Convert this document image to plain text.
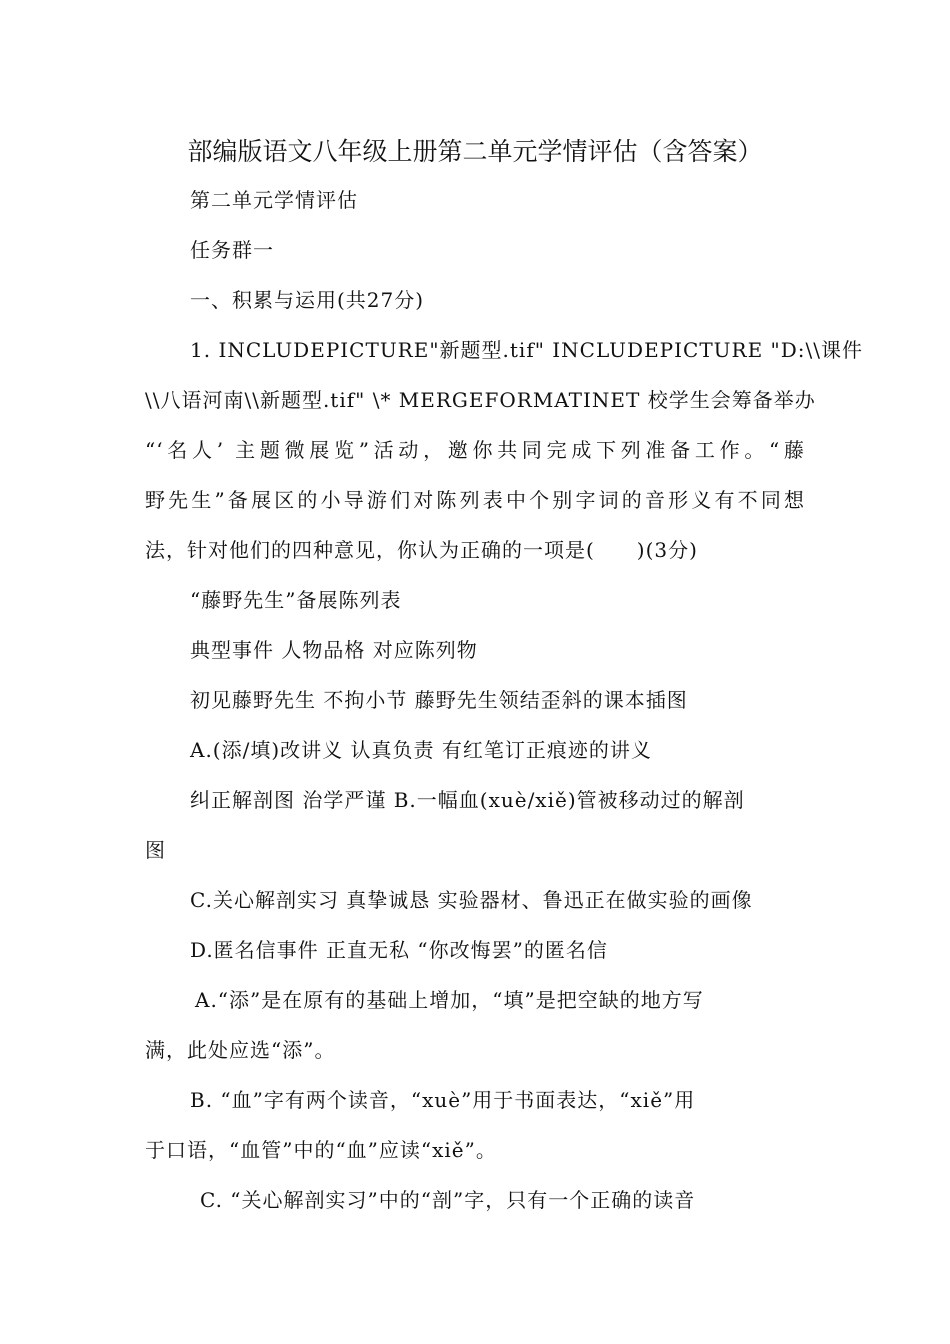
部编版语文八年级上册第二单元学情评估（含答案）
第二单元学情评估
任务群一
一、积累与运用(共27分)
1. INCLUDEPICTURE"新题型.tif" INCLUDEPICTURE "D:\\课件
\\八语河南\\新题型.tif" \* MERGEFORMATINET 校学生会筹备举办
“‘名人’ 主题微展览”活动，邀你共同完成下列准备工作。“藤
野先生”备展区的小导游们对陈列表中个别字词的音形义有不同想
法，针对他们的四种意见，你认为正确的一项是(　　)(3分)
“藤野先生”备展陈列表
典型事件 人物品格 对应陈列物
初见藤野先生 不拘小节 藤野先生领结歪斜的课本插图
A.(添/填)改讲义 认真负责 有红笔订正痕迹的讲义
纠正解剖图 治学严谨 B.一幅血(xuè/xiě)管被移动过的解剖
图
C.关心解剖实习 真挚诚恳 实验器材、鲁迅正在做实验的画像
D.匿名信事件 正直无私 “你改悔罢”的匿名信
A.“添”是在原有的基础上增加，“填”是把空缺的地方写
满，此处应选“添”。
B. “血”字有两个读音，“xuè”用于书面表达，“xiě”用
于口语，“血管”中的“血”应读“xiě”。
C. “关心解剖实习”中的“剖”字，只有一个正确的读音
